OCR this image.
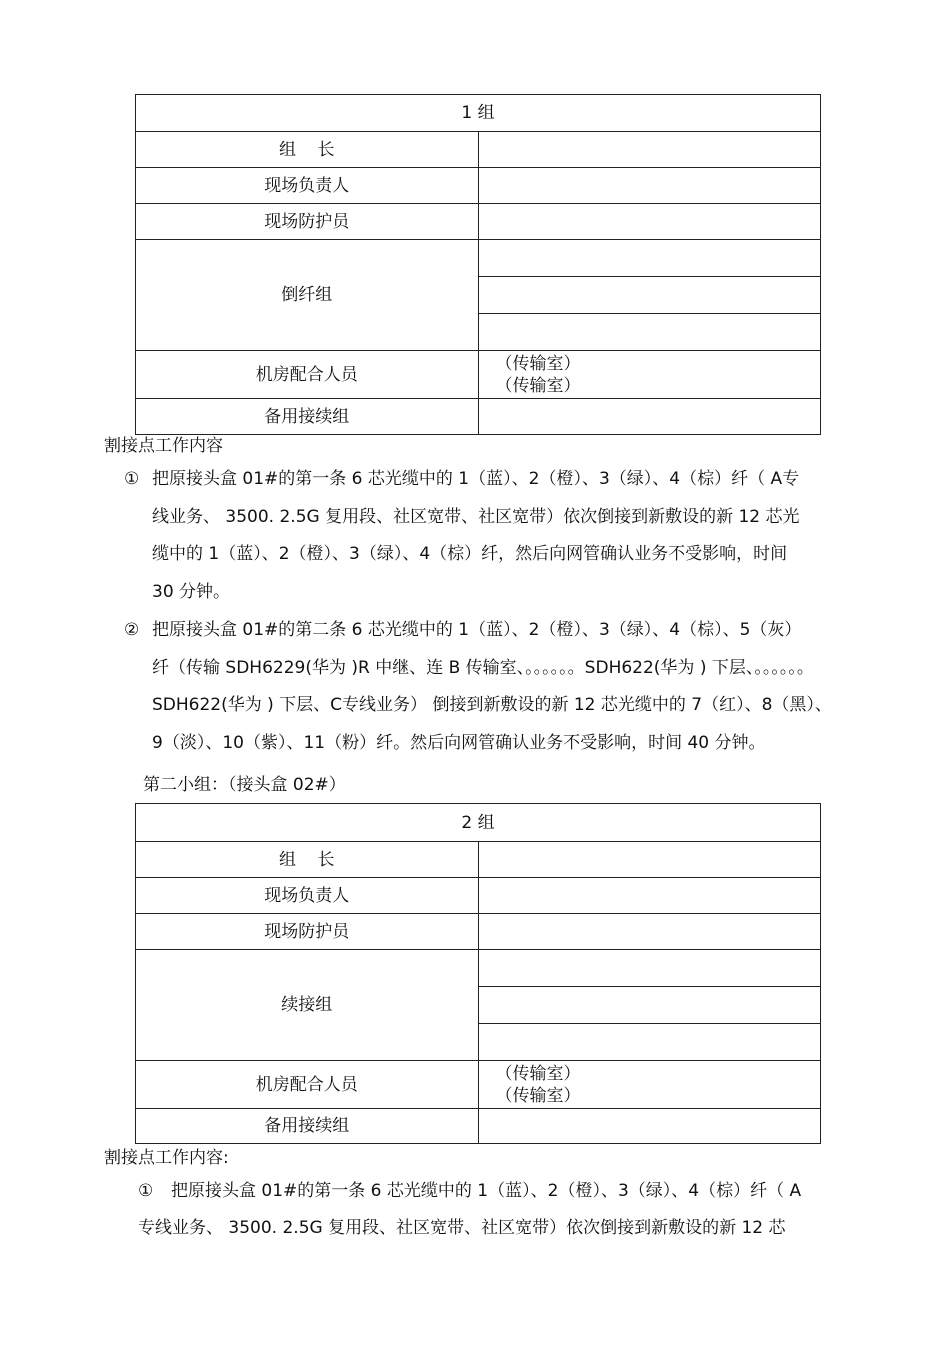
1 组	
组    长	
现场负责人	
现场防护员	
倒纤组	

机房配合人员	（传输室）
（传输室）

备用接续组	
割接点工作内容
① 把原接头盒 01#的第一条 6 芯光缆中的 1（蓝）、2（橙）、3（绿）、4（棕）纤（ A专
线业务、 3500. 2.5G 复用段、社区宽带、社区宽带）依次倒接到新敷设的新 12 芯光
缆中的 1（蓝）、2（橙）、3（绿）、4（棕）纤，然后向网管确认业务不受影响，时间
30 分钟。
② 把原接头盒 01#的第二条 6 芯光缆中的 1（蓝）、2（橙）、3（绿）、4（棕）、5（灰）
纤（传输 SDH6229(华为 )R 中继、连 B 传输室、。。。。。。SDH622(华为 ) 下层、。。。。。。
SDH622(华为 ) 下层、C专线业务） 倒接到新敷设的新 12 芯光缆中的 7（红）、8（黑）、
9（淡）、10（紫）、11（粉）纤。然后向网管确认业务不受影响，时间 40 分钟。
第二小组：（接头盒 02#）
2 组	
组    长	
现场负责人	
现场防护员	
续接组	

机房配合人员	（传输室）
（传输室）

备用接续组	
割接点工作内容:
① 把原接头盒 01#的第一条 6 芯光缆中的 1（蓝）、2（橙）、3（绿）、4（棕）纤（ A
专线业务、 3500. 2.5G 复用段、社区宽带、社区宽带）依次倒接到新敷设的新 12 芯
